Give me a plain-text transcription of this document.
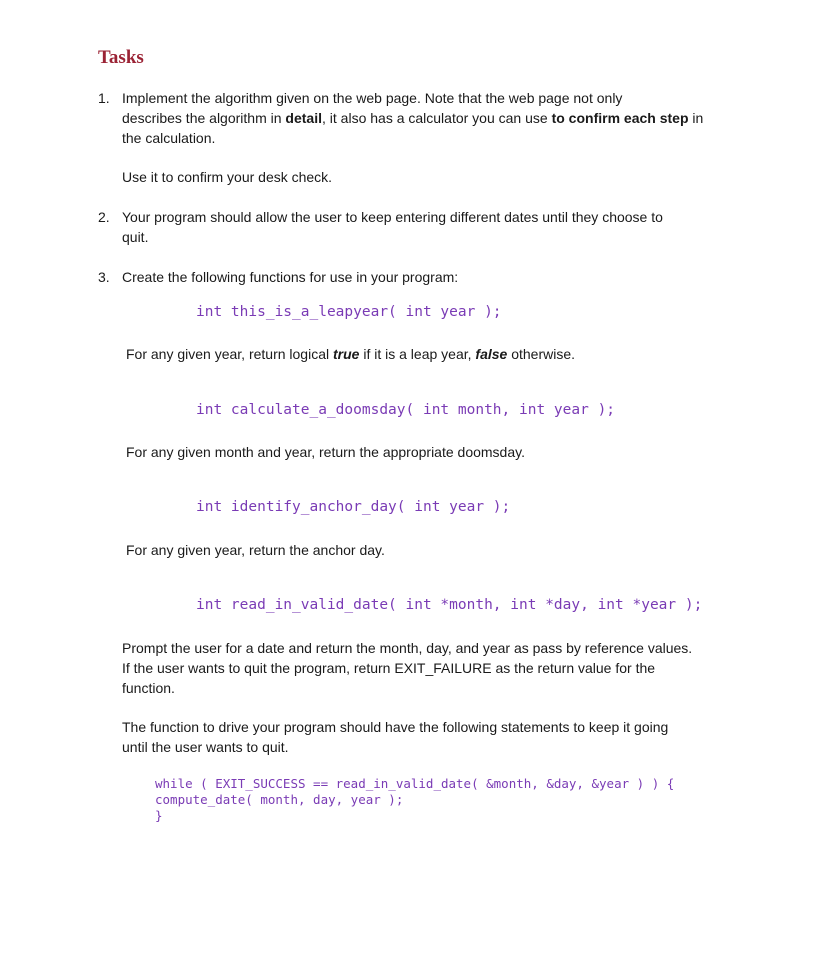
Tasks
1. Implement the algorithm given on the web page. Note that the web page not only
describes the algorithm in detail, it also has a calculator you can use to confirm each step in
the calculation.
Use it to confirm your desk check.
2. Your program should allow the user to keep entering different dates until they choose to
quit.
3. Create the following functions for use in your program:
int this_is_a_leapyear( int year );
For any given year, return logical true if it is a leap year, false otherwise.
int calculate_a_doomsday( int month, int year );
For any given month and year, return the appropriate doomsday.
int identify_anchor_day( int year );
For any given year, return the anchor day.
int read_in_valid_date( int *month, int *day, int *year );
Prompt the user for a date and return the month, day, and year as pass by reference values.
If the user wants to quit the program, return EXIT_FAILURE as the return value for the
function.
The function to drive your program should have the following statements to keep it going
until the user wants to quit.
while ( EXIT_SUCCESS == read_in_valid_date( &month, &day, &year ) ) {
compute_date( month, day, year );
}
